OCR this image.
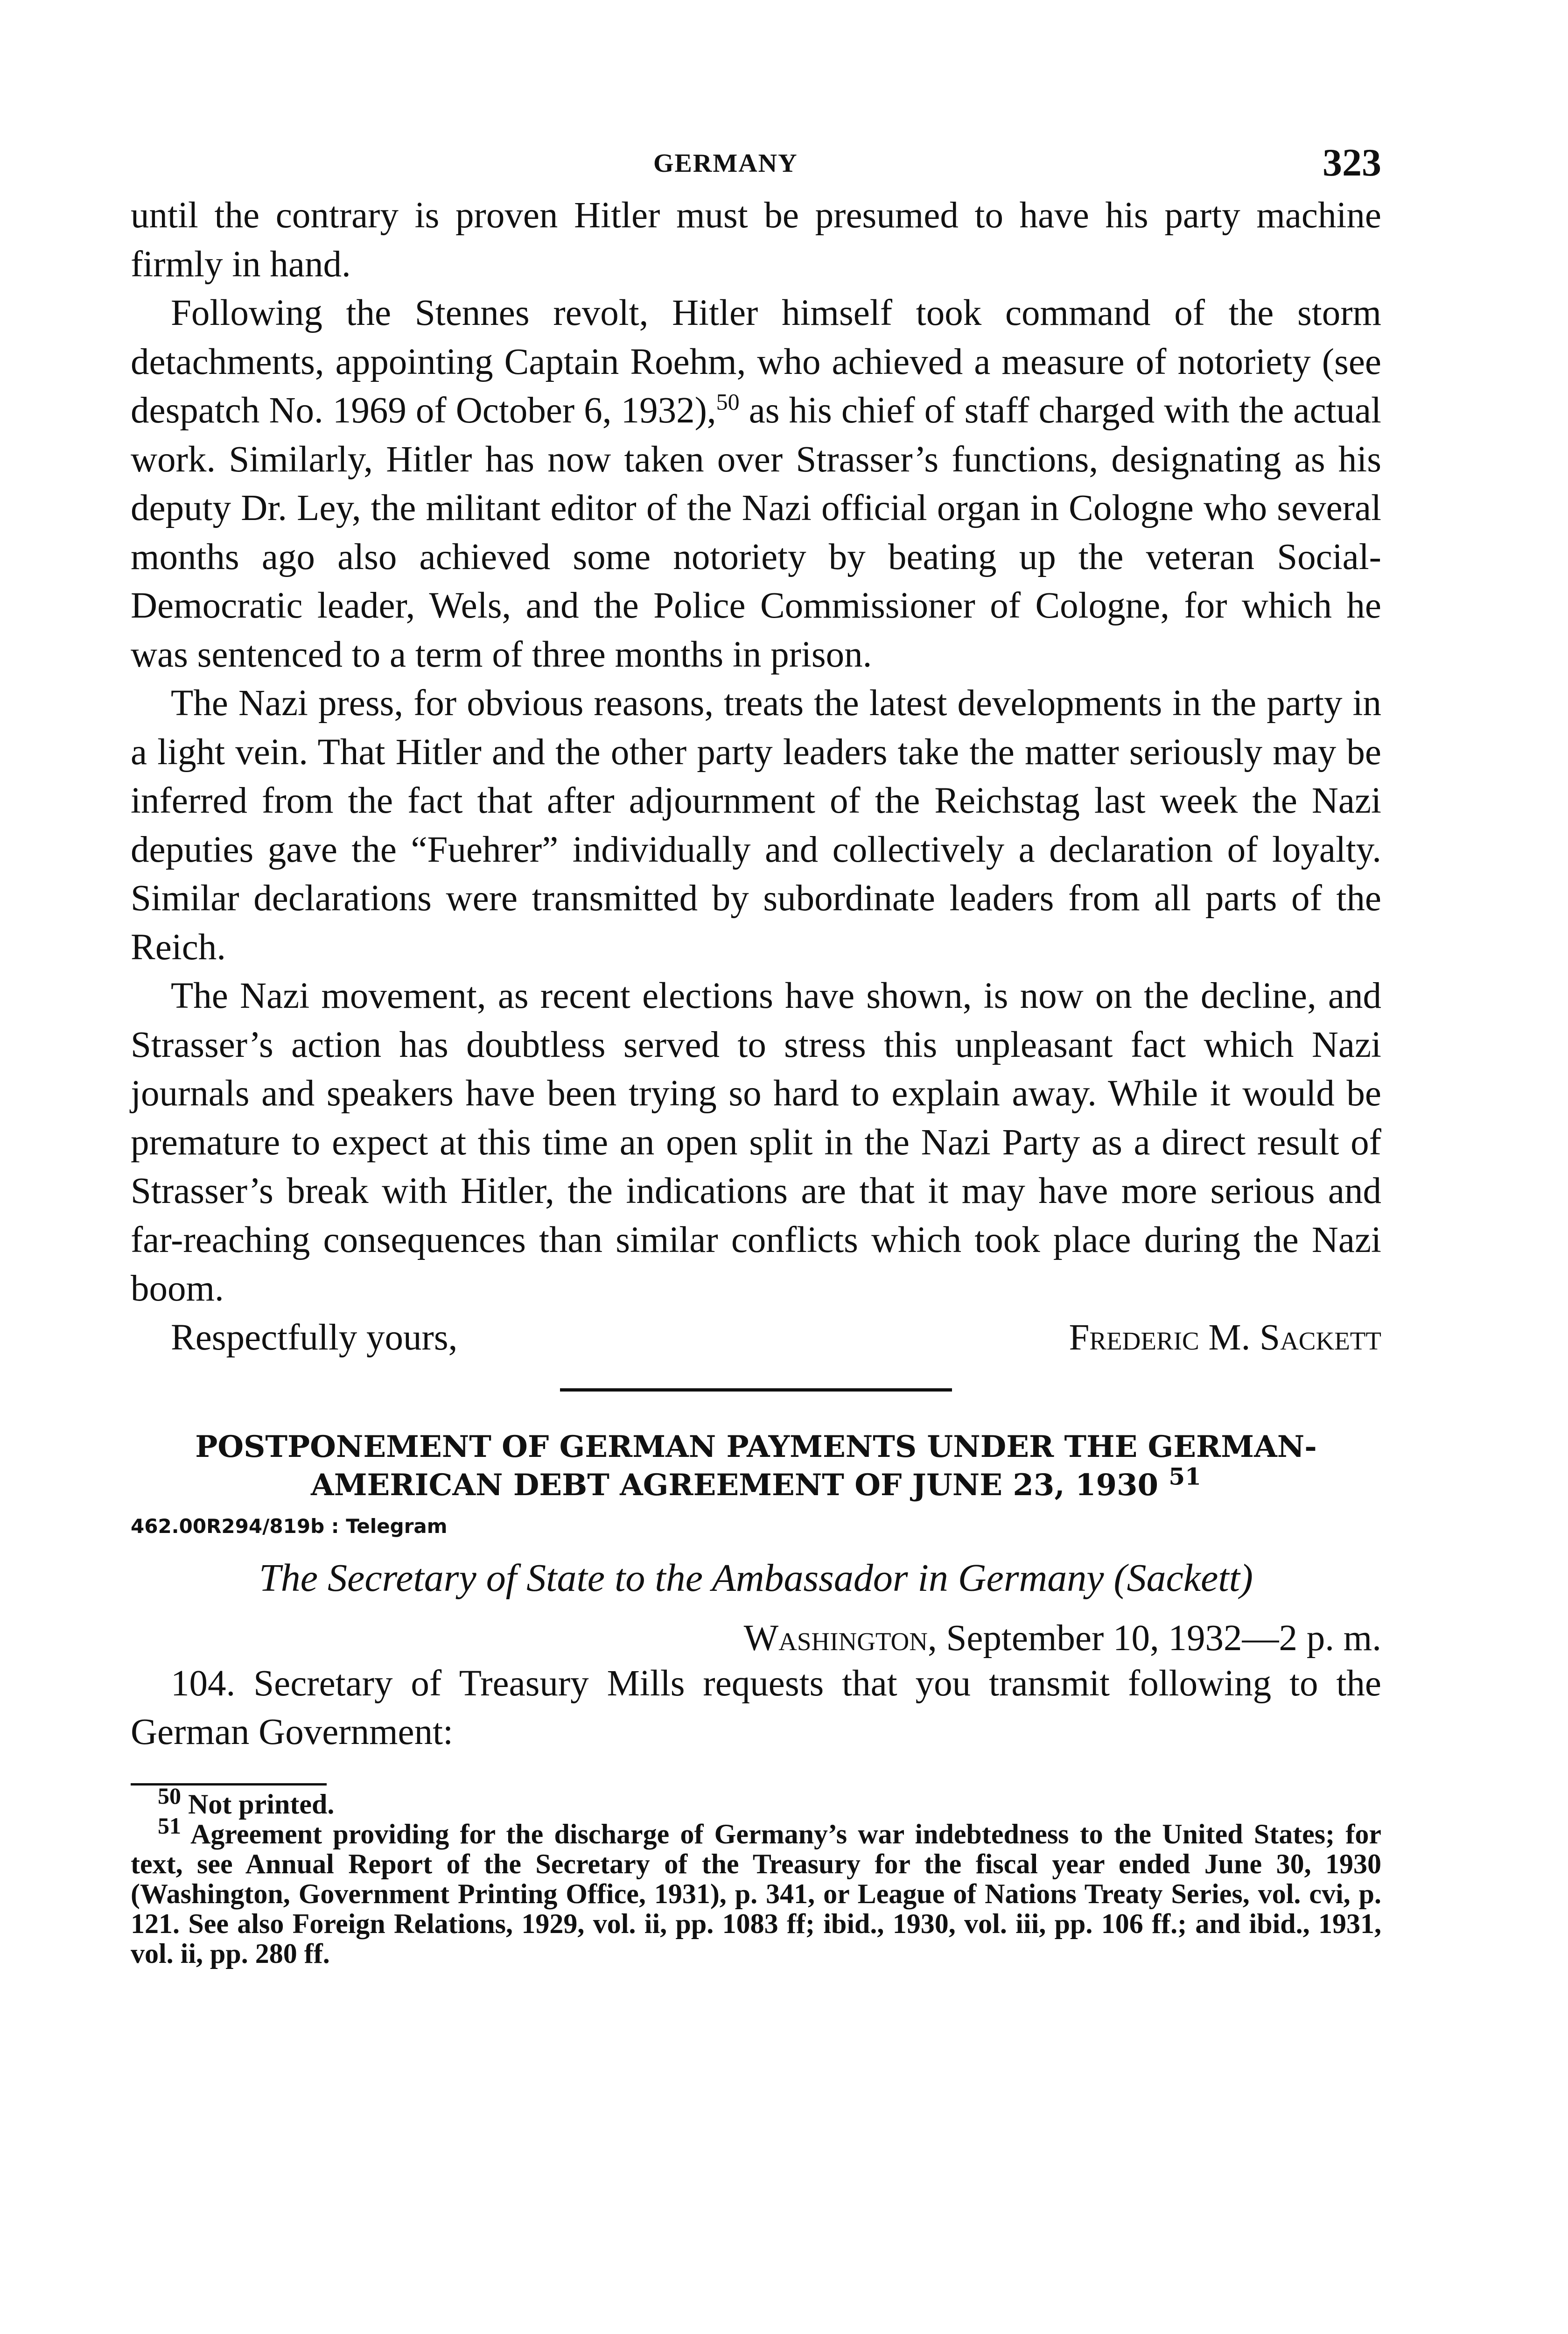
GERMANY	323

until the contrary is proven Hitler must be presumed to have his party machine firmly in hand.

Following the Stennes revolt, Hitler himself took command of the storm detachments, appointing Captain Roehm, who achieved a measure of notoriety (see despatch No. 1969 of October 6, 1932),$^{50}$ as his chief of staff charged with the actual work. Similarly, Hitler has now taken over Strasser’s functions, designating as his deputy Dr. Ley, the militant editor of the Nazi official organ in Cologne who several months ago also achieved some notoriety by beating up the veteran Social-Democratic leader, Wels, and the Police Commissioner of Cologne, for which he was sentenced to a term of three months in prison.

The Nazi press, for obvious reasons, treats the latest developments in the party in a light vein. That Hitler and the other party leaders take the matter seriously may be inferred from the fact that after adjournment of the Reichstag last week the Nazi deputies gave the “Fuehrer” individually and collectively a declaration of loyalty. Similar declarations were transmitted by subordinate leaders from all parts of the Reich.

The Nazi movement, as recent elections have shown, is now on the decline, and Strasser’s action has doubtless served to stress this unpleasant fact which Nazi journals and speakers have been trying so hard to explain away. While it would be premature to expect at this time an open split in the Nazi Party as a direct result of Strasser’s break with Hitler, the indications are that it may have more serious and far-reaching consequences than similar conflicts which took place during the Nazi boom.

Respectfully yours,	Frederic M. Sackett
POSTPONEMENT OF GERMAN PAYMENTS UNDER THE GERMAN-
AMERICAN DEBT AGREEMENT OF JUNE 23, 1930 $^{51}$
462.00R294/819b : Telegram
The Secretary of State to the Ambassador in Germany (Sackett)
Washington, September 10, 1932—2 p. m.

104. Secretary of Treasury Mills requests that you transmit following to the German Government:

$^{50}$ Not printed.

$^{51}$ Agreement providing for the discharge of Germany’s war indebtedness to the United States; for text, see Annual Report of the Secretary of the Treasury for the fiscal year ended June 30, 1930 (Washington, Government Printing Office, 1931), p. 341, or League of Nations Treaty Series, vol. cvi, p. 121. See also Foreign Relations, 1929, vol. ii, pp. 1083 ff; ibid., 1930, vol. iii, pp. 106 ff.; and ibid., 1931, vol. ii, pp. 280 ff.
